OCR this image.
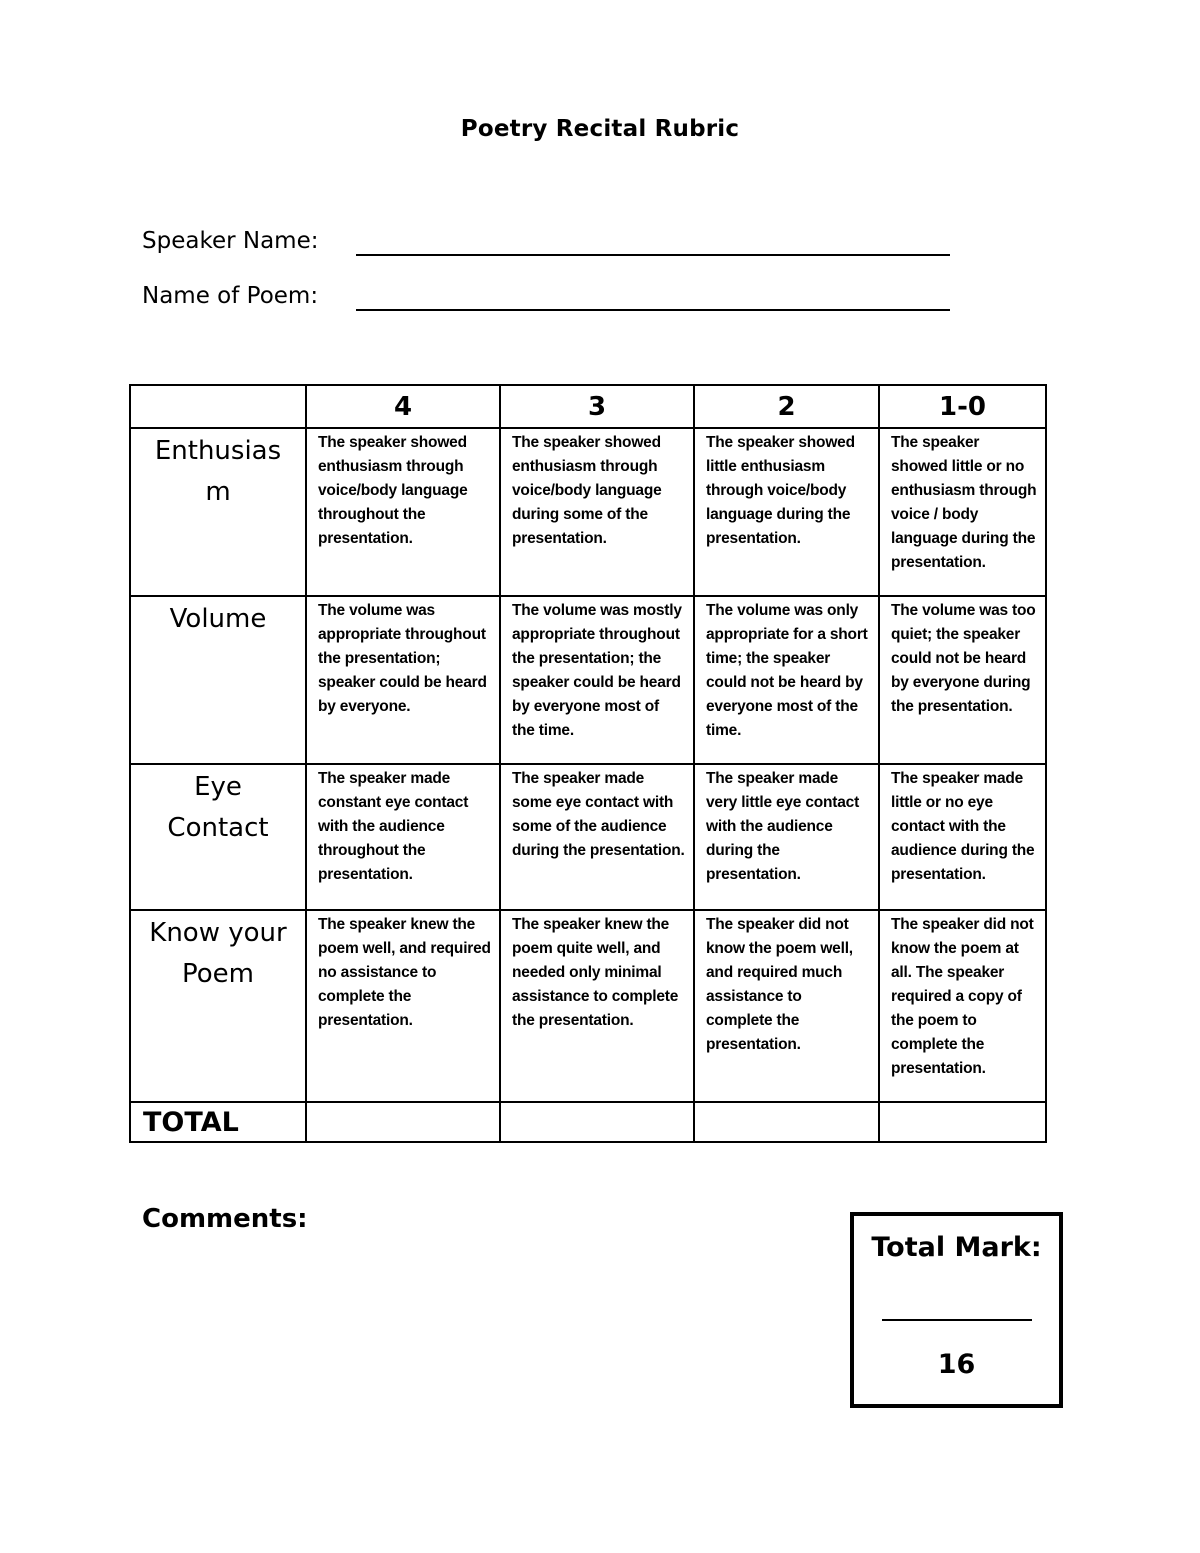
Poetry Recital Rubric
Speaker Name:
Name of Poem:
	4	3	2	1-0
Enthusiasm	The speaker showed enthusiasm through voice/body language throughout the presentation.	The speaker showed enthusiasm through voice/body language during some of the presentation.	The speaker showed little enthusiasm through voice/body language during the presentation.	The speaker showed little or no enthusiasm through voice / body language during the presentation.
Volume	The volume was appropriate throughout the presentation; speaker could be heard by everyone.	The volume was mostly appropriate throughout the presentation; the speaker could be heard by everyone most of the time.	The volume was only appropriate for a short time; the speaker could not be heard by everyone most of the time.	The volume was too quiet; the speaker could not be heard by everyone during the presentation.
Eye Contact	The speaker made constant eye contact with the audience throughout the presentation.	The speaker made some eye contact with some of the audience during the presentation.	The speaker made very little eye contact with the audience during the presentation.	The speaker made little or no eye contact with the audience during the presentation.
Know your Poem	The speaker knew the poem well, and required no assistance to complete the presentation.	The speaker knew the poem quite well, and needed only minimal assistance to complete the presentation.	The speaker did not know the poem well, and required much assistance to complete the presentation.	The speaker did not know the poem at all. The speaker required a copy of the poem to complete the presentation.
TOTAL				
Comments:
Total Mark:
16
